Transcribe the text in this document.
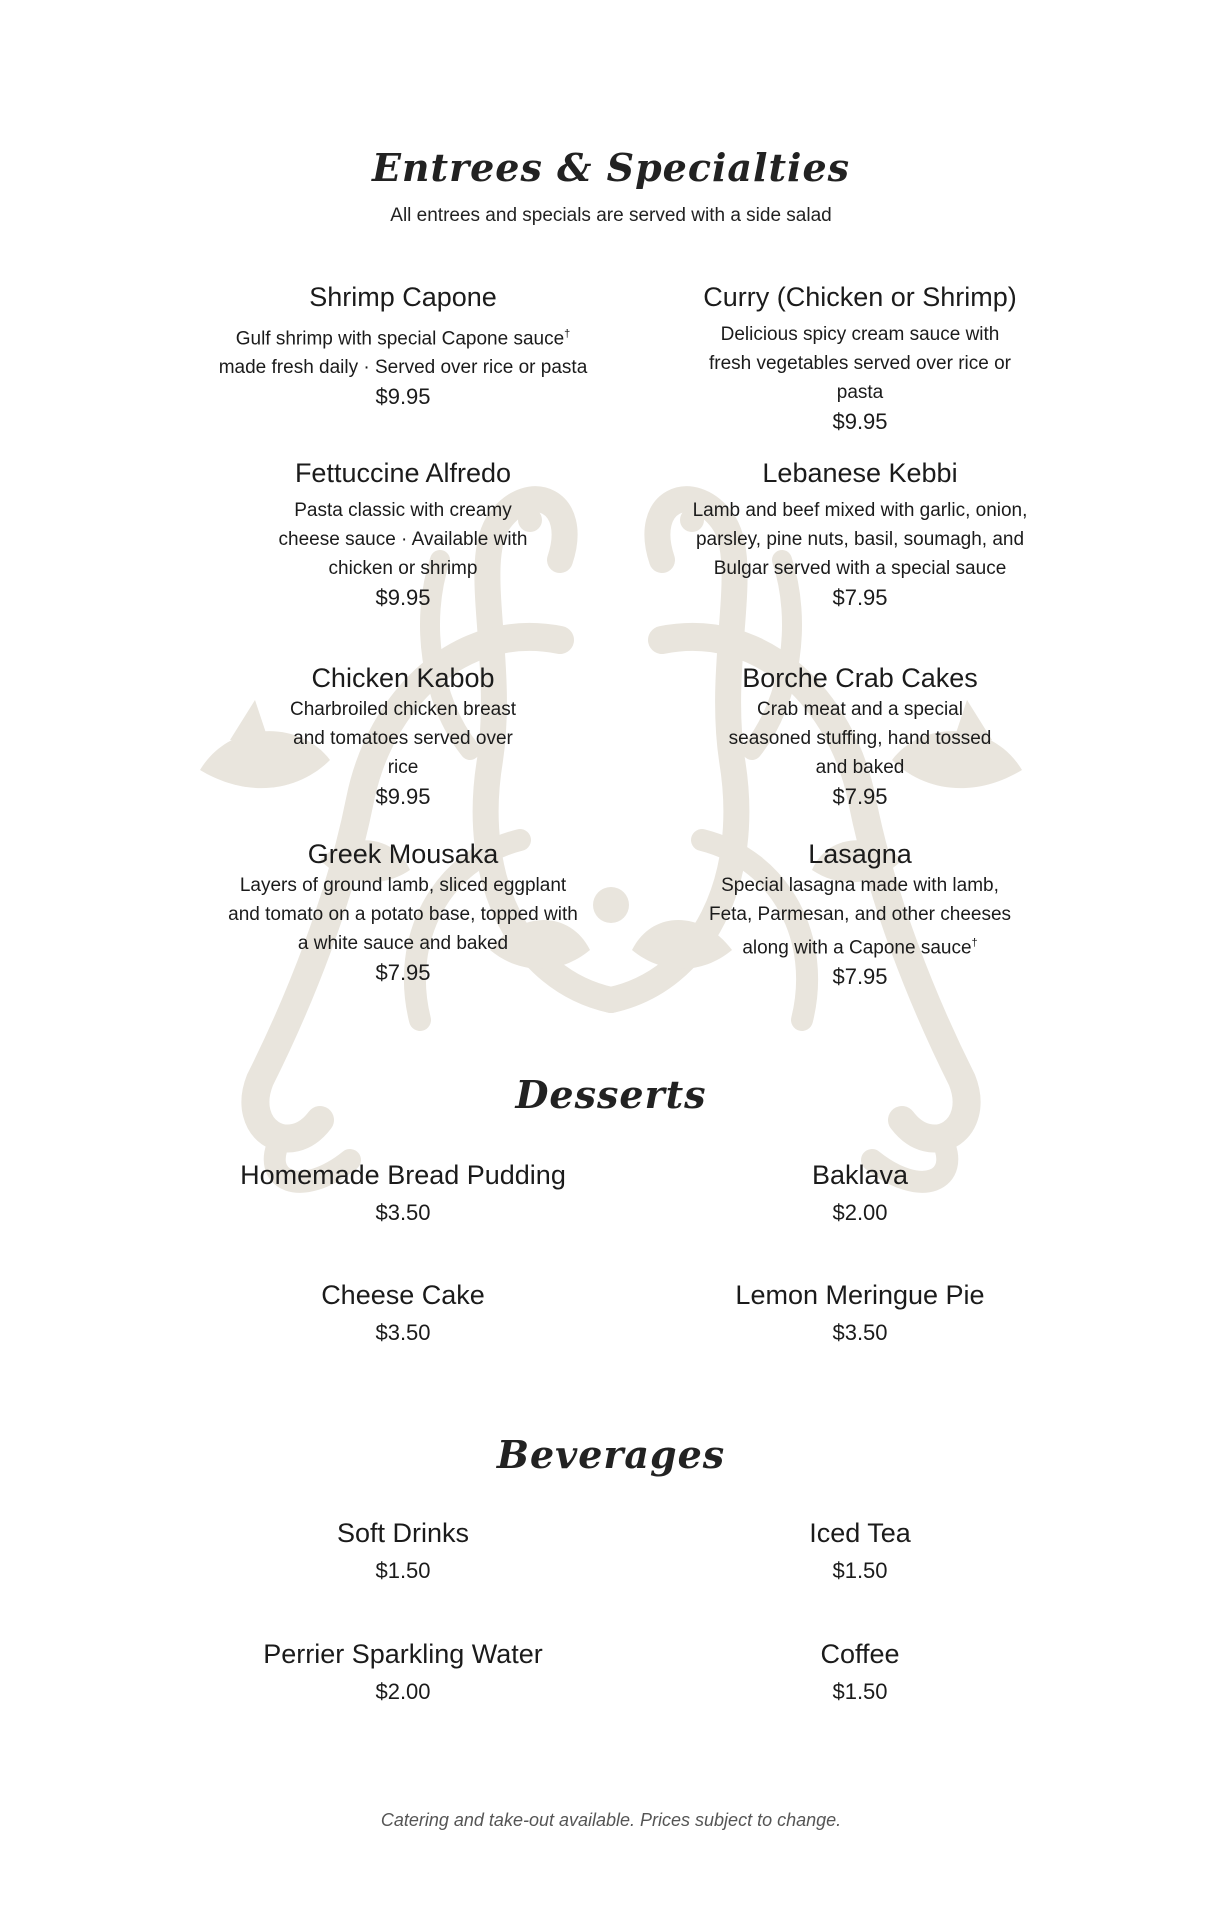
Entrees & Specialties

All entrees and specials are served with a side salad

Shrimp Capone

Gulf shrimp with special Capone sauce†
made fresh daily · Served over rice or pasta

$9.95

Curry (Chicken or Shrimp)

Delicious spicy cream sauce with fresh vegetables served over rice or pasta

$9.95

Fettuccine Alfredo

Pasta classic with creamy cheese sauce · Available with chicken or shrimp

$9.95

Lebanese Kebbi

Lamb and beef mixed with garlic, onion, parsley, pine nuts, basil, soumagh, and Bulgar served with a special sauce

$7.95

Chicken Kabob

Charbroiled chicken breast and tomatoes served over rice

$9.95

Borche Crab Cakes

Crab meat and a special seasoned stuffing, hand tossed and baked

$7.95

Greek Mousaka

Layers of ground lamb, sliced eggplant and tomato on a potato base, topped with a white sauce and baked

$7.95

Lasagna

Special lasagna made with lamb, Feta, Parmesan, and other cheeses along with a Capone sauce†

$7.95

Desserts

Homemade Bread Pudding

$3.50

Baklava

$2.00

Cheese Cake

$3.50

Lemon Meringue Pie

$3.50

Beverages

Soft Drinks

$1.50

Iced Tea

$1.50

Perrier Sparkling Water

$2.00

Coffee

$1.50

Catering and take-out available. Prices subject to change.
